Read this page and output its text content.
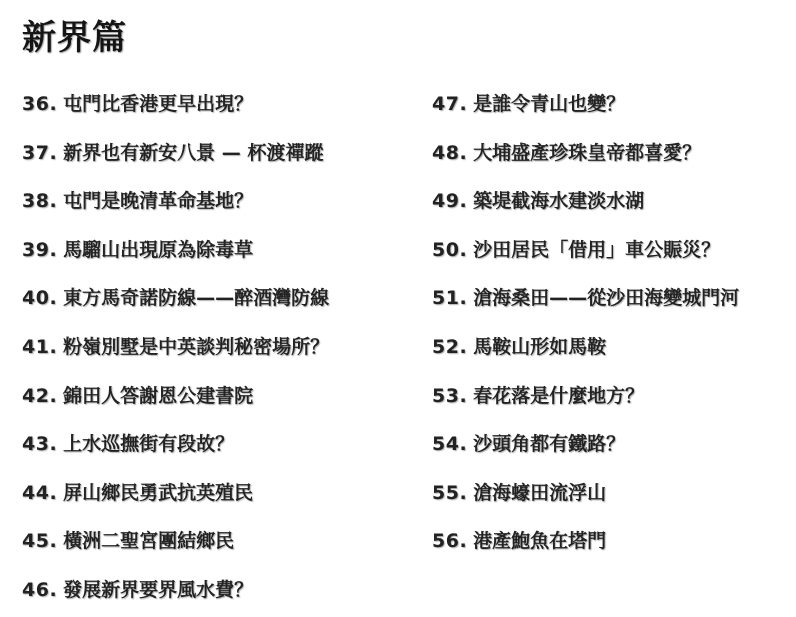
新界篇
36. 屯門比香港更早出現？
37. 新界也有新安八景 — 杯渡禪蹤
38. 屯門是晚清革命基地？
39. 馬騮山出現原為除毒草
40. 東方馬奇諾防線——醉酒灣防線
41. 粉嶺別墅是中英談判秘密場所？
42. 錦田人答謝恩公建書院
43. 上水巡撫街有段故？
44. 屏山鄉民勇武抗英殖民
45. 橫洲二聖宮團結鄉民
46. 發展新界要界風水費？
47. 是誰令青山也變？
48. 大埔盛產珍珠皇帝都喜愛？
49. 築堤截海水建淡水湖
50. 沙田居民「借用」車公賑災？
51. 滄海桑田——從沙田海變城門河
52. 馬鞍山形如馬鞍
53. 春花落是什麼地方？
54. 沙頭角都有鐵路？
55. 滄海蠔田流浮山
56. 港產鮑魚在塔門
